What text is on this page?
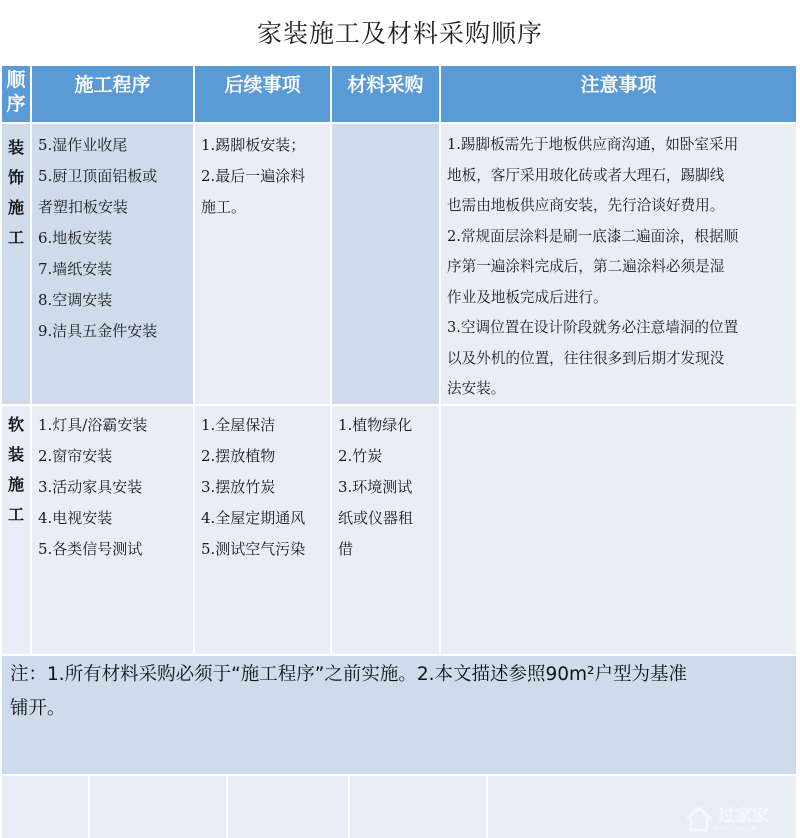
家装施工及材料采购顺序
顺序
施工程序	后续事项 材料采购	注意事项
装饰施工
5.湿作业收尾
5.厨卫顶面铝板或
者塑扣板安装
6.地板安装
7.墙纸安装
8.空调安装
9.洁具五金件安装
1.踢脚板安装；
2.最后一遍涂料
施工。
1.踢脚板需先于地板供应商沟通，如卧室采用
地板，客厅采用玻化砖或者大理石，踢脚线
也需由地板供应商安装，先行洽谈好费用。
2.常规面层涂料是刷一底漆二遍面涂，根据顺
序第一遍涂料完成后，第二遍涂料必须是湿
作业及地板完成后进行。
3.空调位置在设计阶段就务必注意墙洞的位置
以及外机的位置，往往很多到后期才发现没
法安装。
软装施工
1.灯具/浴霸安装
2.窗帘安装
3.活动家具安装
4.电视安装
5.各类信号测试
1.全屋保洁
2.摆放植物
3.摆放竹炭
4.全屋定期通风
5.测试空气污染
1.植物绿化
2.竹炭
3.环境测试
纸或仪器租
借
注：1.所有材料采购必须于“施工程序”之前实施。2.本文描述参照90m²户型为基准
铺开。
过家家
GUOJIAJIA
